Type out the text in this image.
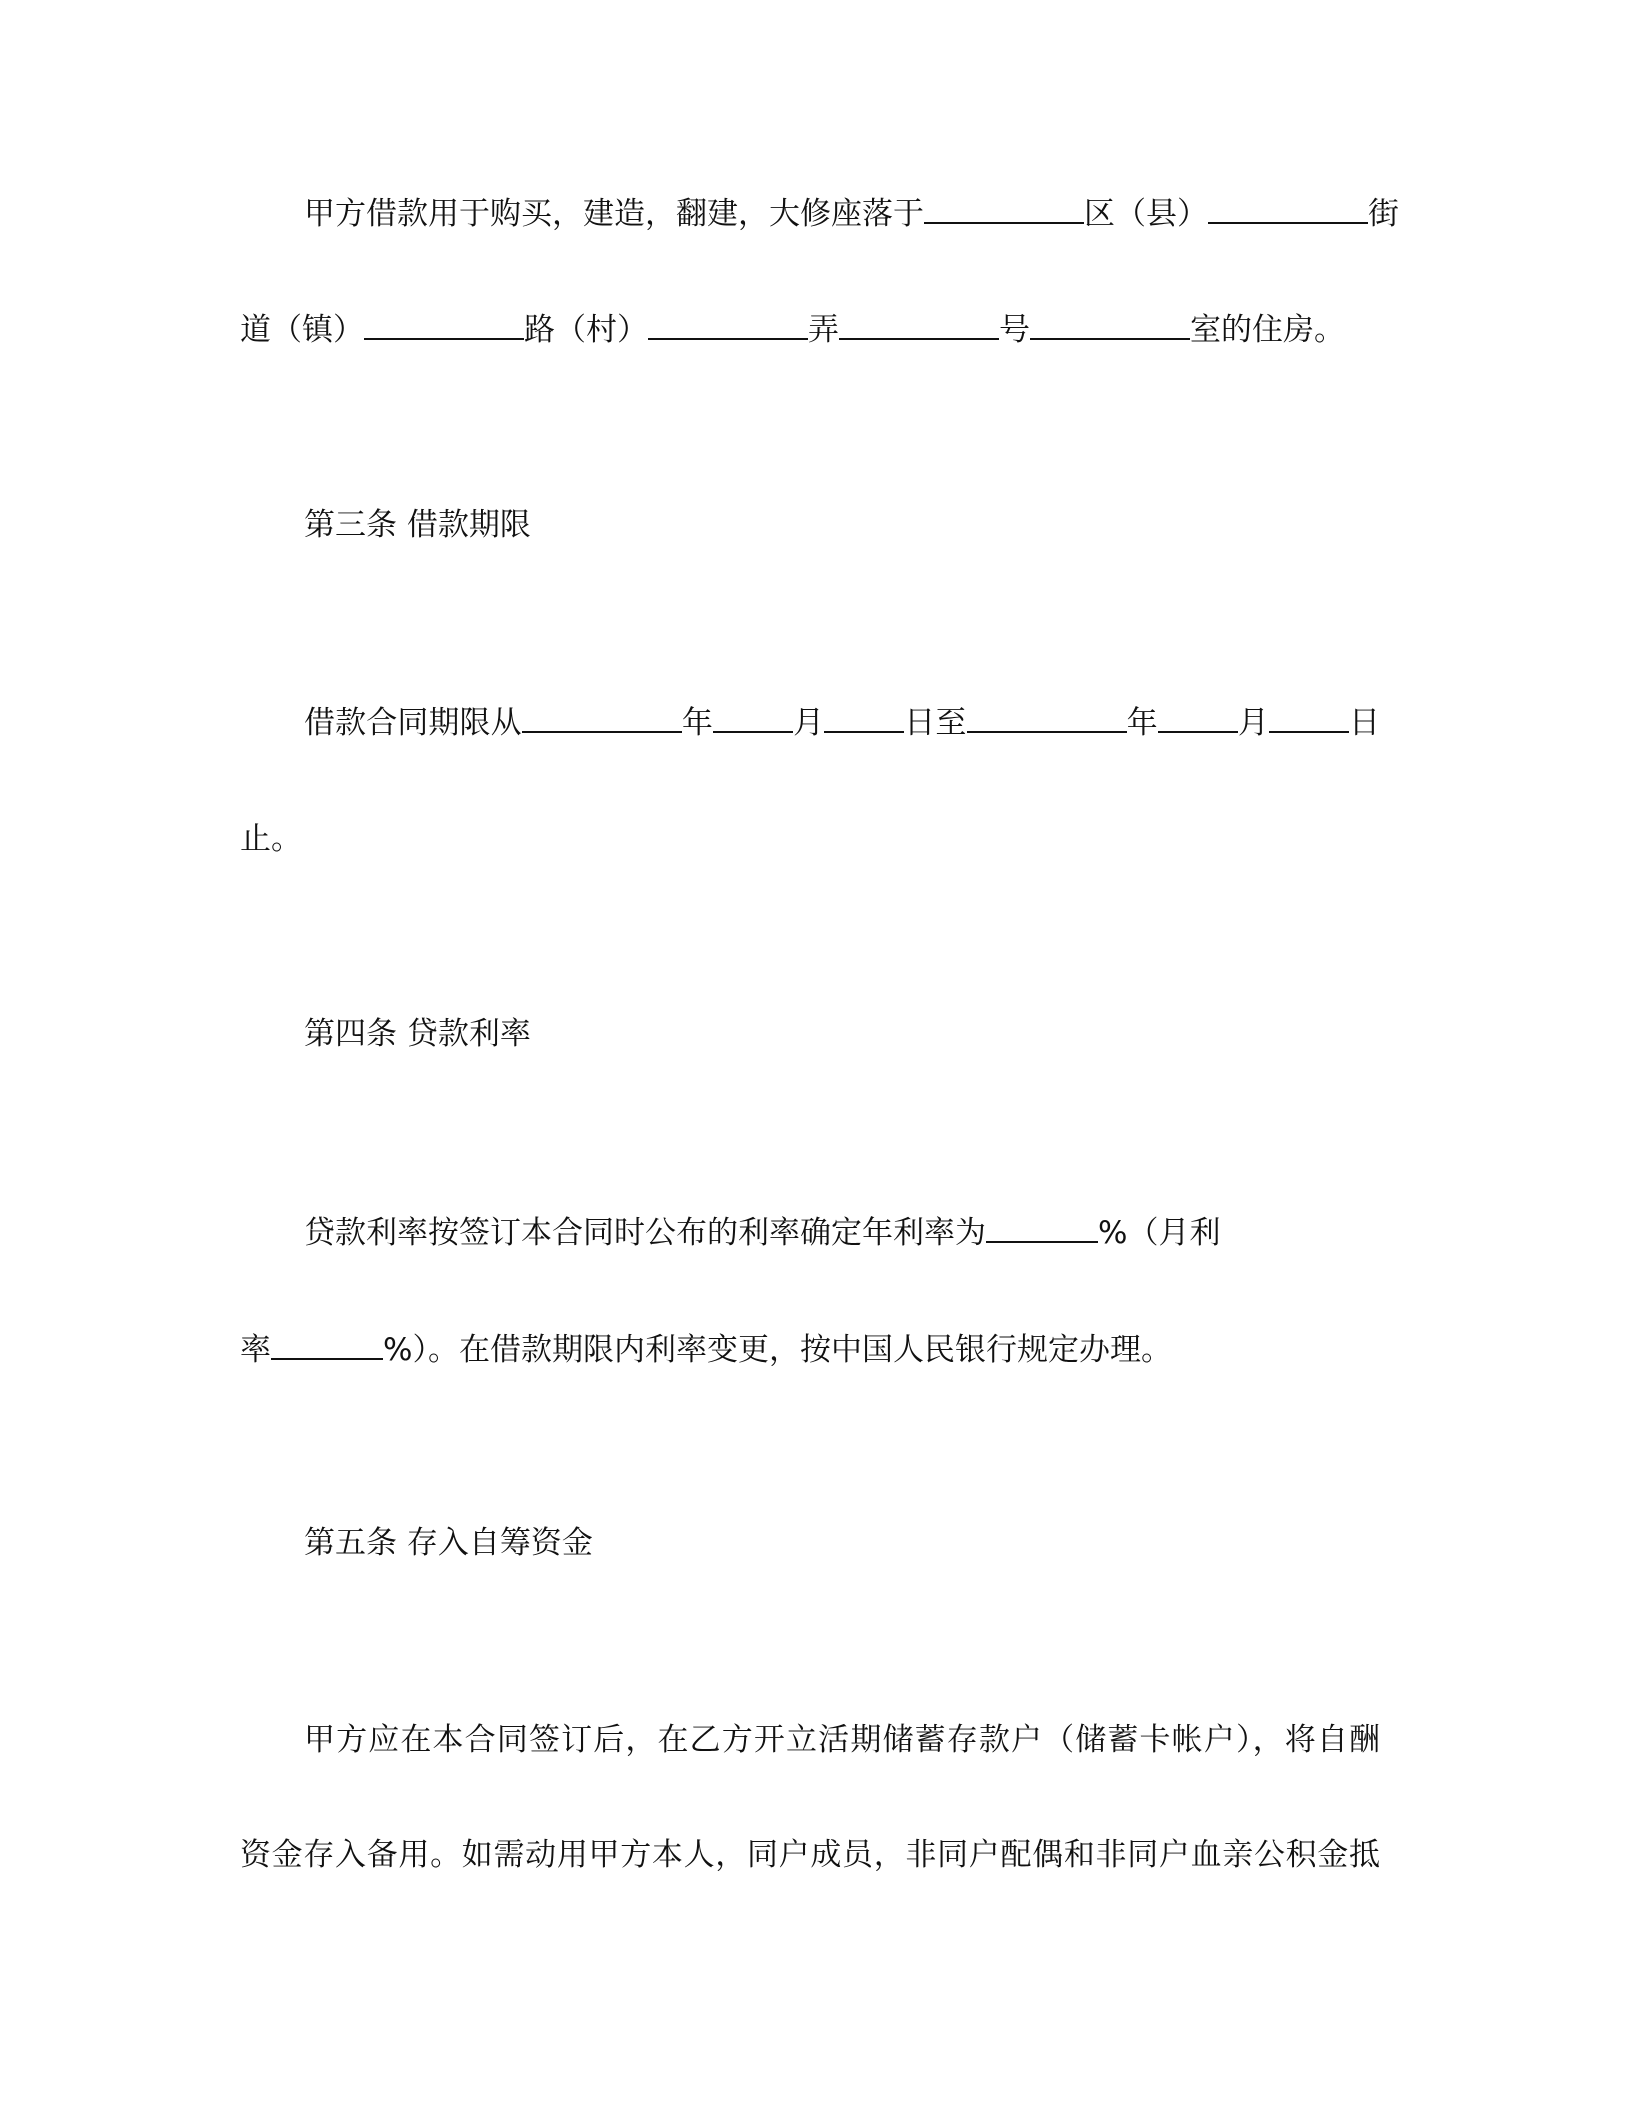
甲方借款用于购买，建造，翻建，大修座落于	区（县）	街
道（镇）	路（村）	弄	号	室的住房。
第三条 借款期限
借款合同期限从	年	月	日至	年	月	日
止。
第四条 贷款利率
贷款利率按签订本合同时公布的利率确定年利率为	%（月利
率	%）。在借款期限内利率变更，按中国人民银行规定办理。
第五条 存入自筹资金
甲方应在本合同签订后，在乙方开立活期储蓄存款户（储蓄卡帐户），将自酬
资金存入备用。如需动用甲方本人，同户成员，非同户配偶和非同户血亲公积金抵
